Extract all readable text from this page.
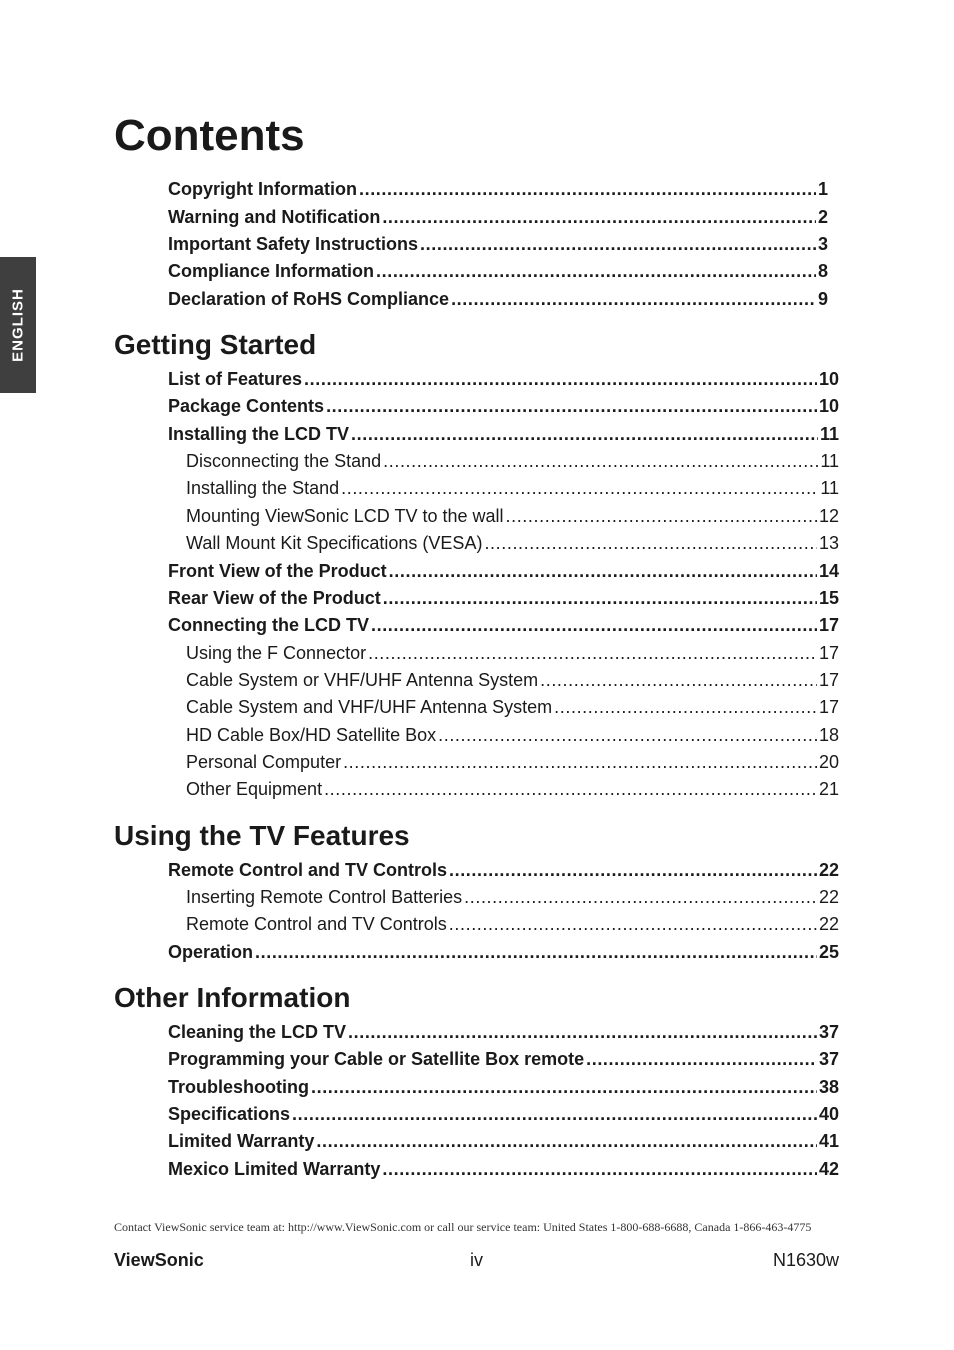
ENGLISH
Contents
Copyright Information . . .	1
Warning and Notification . . .	2
Important Safety Instructions . . .	3
Compliance Information . . .	8
Declaration of RoHS Compliance . . .	9
Getting Started
List of Features . . .	10
Package Contents . . .	10
Installing the LCD TV . . .	11
Disconnecting the Stand . . .	11
Installing the Stand . . .	11
Mounting ViewSonic LCD TV to the wall . . .	12
Wall Mount Kit Specifications (VESA) . . .	13
Front View of the Product . . .	14
Rear View of the Product . . .	15
Connecting the LCD TV . . .	17
Using the F Connector . . .	17
Cable System or VHF/UHF Antenna System . . .	17
Cable System and VHF/UHF Antenna System . . .	17
HD Cable Box/HD Satellite Box . . .	18
Personal Computer . . .	20
Other Equipment . . .	21
Using the TV Features
Remote Control and TV Controls . . .	22
Inserting Remote Control Batteries . . .	22
Remote Control and TV Controls . . .	22
Operation . . .	25
Other Information
Cleaning the LCD TV . . .	37
Programming your Cable or Satellite Box remote . . .	37
Troubleshooting . . .	38
Specifications . . .	40
Limited Warranty . . .	41
Mexico Limited Warranty . . .	42
Contact ViewSonic service team at: http://www.ViewSonic.com or call our service team: United States 1-800-688-6688, Canada 1-866-463-4775
ViewSonic	iv	N1630w
